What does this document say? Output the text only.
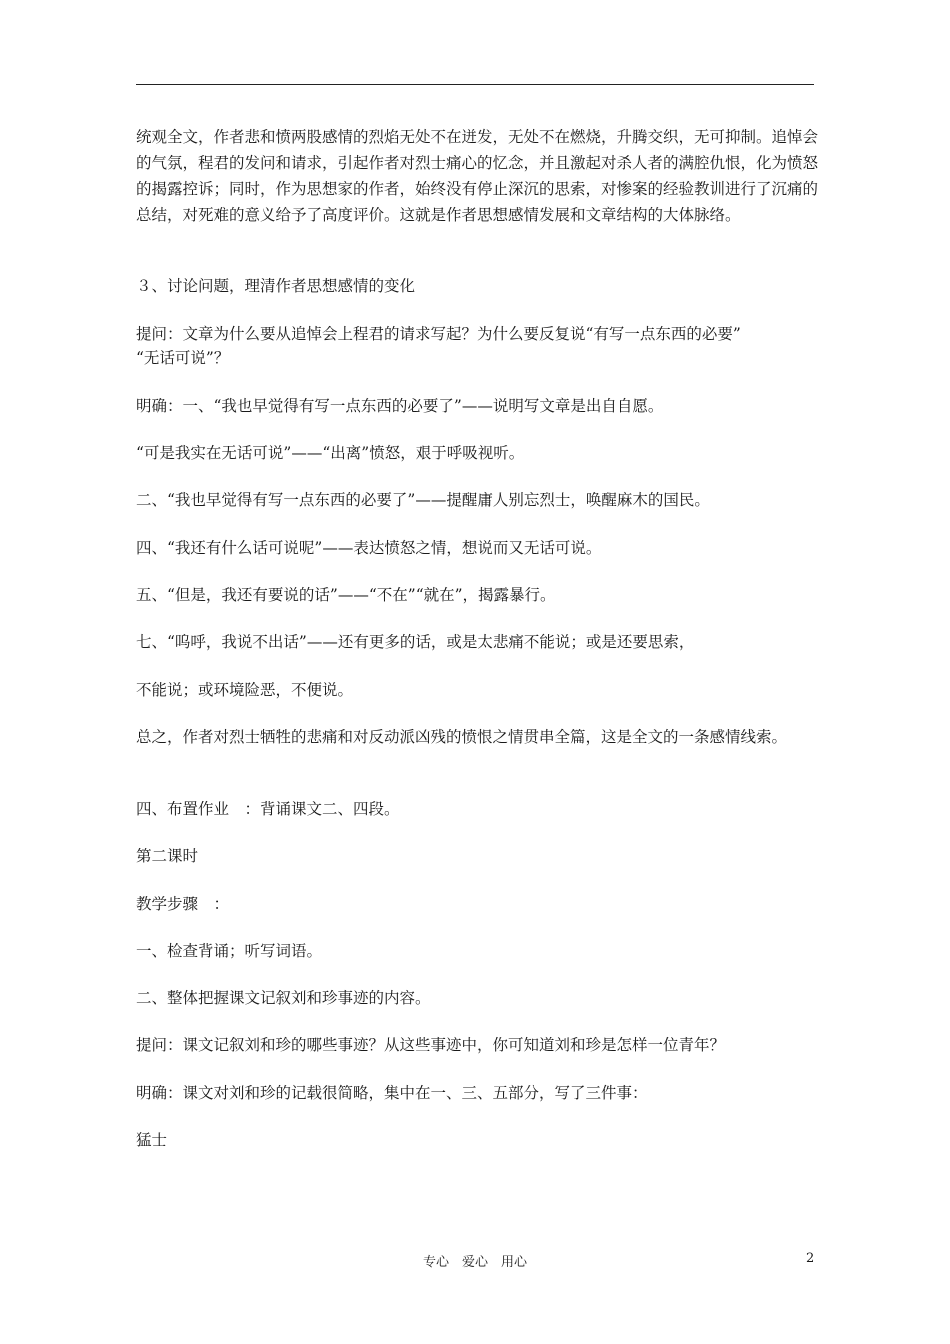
统观全文，作者悲和愤两股感情的烈焰无处不在迸发，无处不在燃烧，升腾交织，无可抑制。追悼会的气氛，程君的发问和请求，引起作者对烈士痛心的忆念，并且激起对杀人者的满腔仇恨，化为愤怒的揭露控诉；同时，作为思想家的作者，始终没有停止深沉的思索，对惨案的经验教训进行了沉痛的总结，对死难的意义给予了高度评价。这就是作者思想感情发展和文章结构的大体脉络。
３、讨论问题，理清作者思想感情的变化
提问：文章为什么要从追悼会上程君的请求写起？为什么要反复说“有写一点东西的必要”
“无话可说”？
明确：一、“我也早觉得有写一点东西的必要了”——说明写文章是出自自愿。
“可是我实在无话可说”——“出离”愤怒，艰于呼吸视听。
二、“我也早觉得有写一点东西的必要了”——提醒庸人别忘烈士，唤醒麻木的国民。
四、“我还有什么话可说呢”——表达愤怒之情，想说而又无话可说。
五、“但是，我还有要说的话”——“不在”“就在”，揭露暴行。
七、“呜呼，我说不出话”——还有更多的话，或是太悲痛不能说；或是还要思索，
不能说；或环境险恶，不便说。
总之，作者对烈士牺牲的悲痛和对反动派凶残的愤恨之情贯串全篇，这是全文的一条感情线索。
四、布置作业　：背诵课文二、四段。
第二课时
教学步骤　：
一、检查背诵；听写词语。
二、整体把握课文记叙刘和珍事迹的内容。
提问：课文记叙刘和珍的哪些事迹？从这些事迹中，你可知道刘和珍是怎样一位青年？
明确：课文对刘和珍的记载很简略，集中在一、三、五部分，写了三件事：
猛士
专心　爱心　用心	2
